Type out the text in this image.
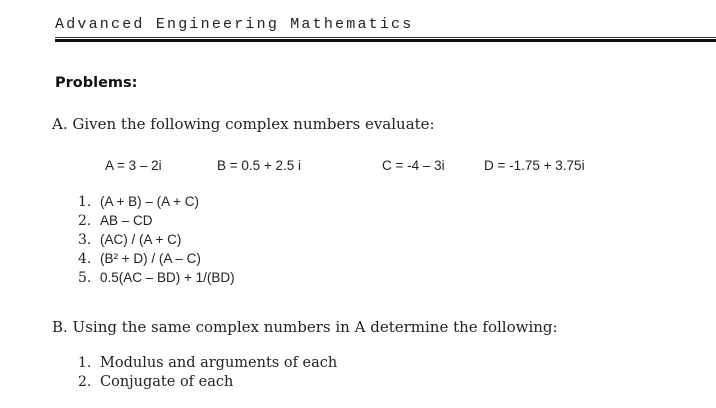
Advanced Engineering Mathematics
Problems:
A. Given the following complex numbers evaluate:
A = 3 – 2i	B = 0.5 + 2.5 i	C = -4 – 3i	D = -1.75 + 3.75i
1. (A + B) – (A + C)
2. AB – CD
3. (AC) / (A + C)
4. (B² + D) / (A – C)
5. 0.5(AC – BD) + 1/(BD)
B. Using the same complex numbers in A determine the following:
1. Modulus and arguments of each
2. Conjugate of each
